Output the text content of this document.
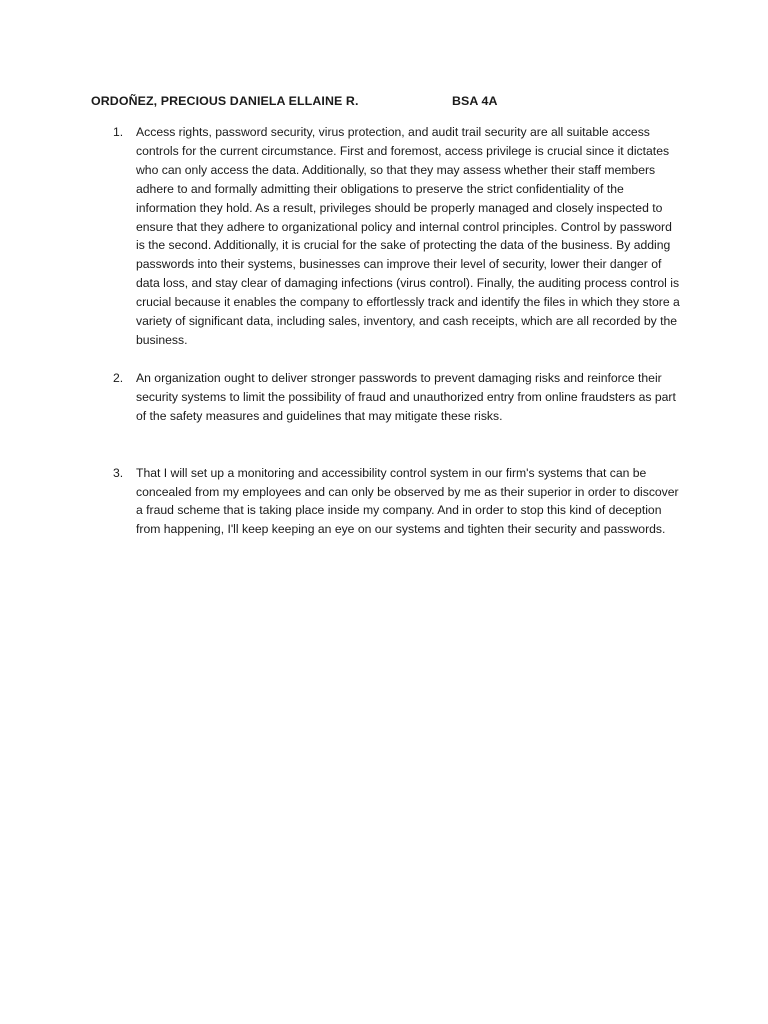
ORDOÑEZ, PRECIOUS DANIELA ELLAINE R.	BSA 4A
1. Access rights, password security, virus protection, and audit trail security are all suitable access controls for the current circumstance. First and foremost, access privilege is crucial since it dictates who can only access the data. Additionally, so that they may assess whether their staff members adhere to and formally admitting their obligations to preserve the strict confidentiality of the information they hold. As a result, privileges should be properly managed and closely inspected to ensure that they adhere to organizational policy and internal control principles. Control by password is the second. Additionally, it is crucial for the sake of protecting the data of the business. By adding passwords into their systems, businesses can improve their level of security, lower their danger of data loss, and stay clear of damaging infections (virus control). Finally, the auditing process control is crucial because it enables the company to effortlessly track and identify the files in which they store a variety of significant data, including sales, inventory, and cash receipts, which are all recorded by the business.
2. An organization ought to deliver stronger passwords to prevent damaging risks and reinforce their security systems to limit the possibility of fraud and unauthorized entry from online fraudsters as part of the safety measures and guidelines that may mitigate these risks.
3. That I will set up a monitoring and accessibility control system in our firm's systems that can be concealed from my employees and can only be observed by me as their superior in order to discover a fraud scheme that is taking place inside my company. And in order to stop this kind of deception from happening, I'll keep keeping an eye on our systems and tighten their security and passwords.
